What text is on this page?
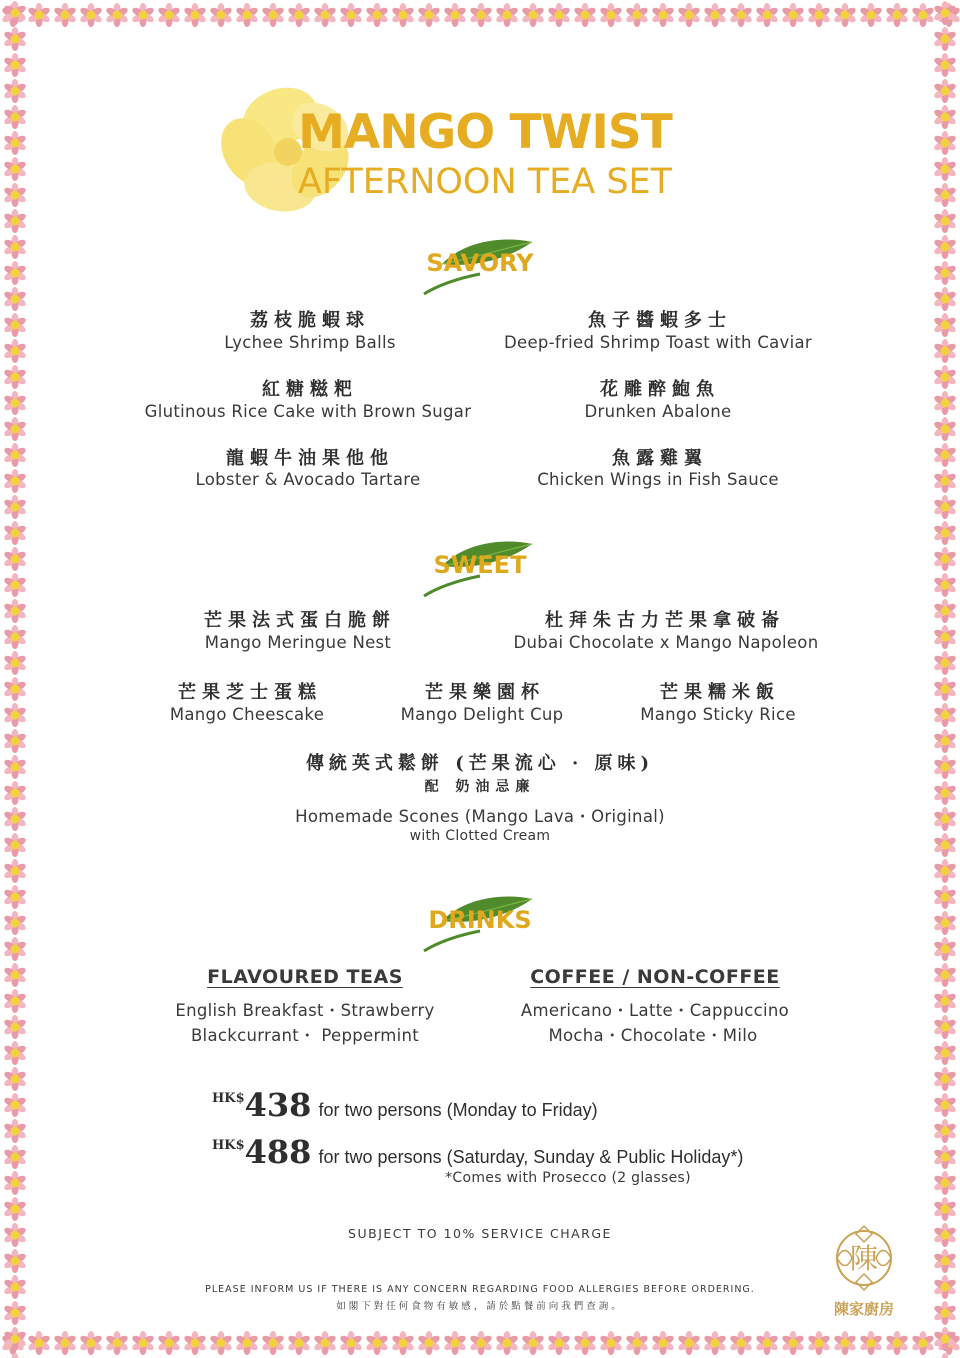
MANGO TWIST
AFTERNOON TEA SET
SAVORY
荔枝脆蝦球
Lychee Shrimp Balls
魚子醬蝦多士
Deep-fried Shrimp Toast with Caviar
紅糖糍粑
Glutinous Rice Cake with Brown Sugar
花雕醉鮑魚
Drunken Abalone
龍蝦牛油果他他
Lobster & Avocado Tartare
魚露雞翼
Chicken Wings in Fish Sauce
SWEET
芒果法式蛋白脆餅
Mango Meringue Nest
杜拜朱古力芒果拿破崙
Dubai Chocolate x Mango Napoleon
芒果芝士蛋糕
Mango Cheescake
芒果樂園杯
Mango Delight Cup
芒果糯米飯
Mango Sticky Rice
傳統英式鬆餅 (芒果流心 · 原味)
配 奶油忌廉
Homemade Scones (Mango Lava・Original)
with Clotted Cream
DRINKS
FLAVOURED TEAS
English Breakfast・Strawberry
Blackcurrant・ Peppermint
COFFEE / NON-COFFEE
Americano・Latte・Cappuccino
Mocha・Chocolate・Milo
$^{HK\$}$438 for two persons (Monday to Friday)
$^{HK\$}$488 for two persons (Saturday, Sunday & Public Holiday*)
*Comes with Prosecco (2 glasses)
SUBJECT TO 10% SERVICE CHARGE
PLEASE INFORM US IF THERE IS ANY CONCERN REGARDING FOOD ALLERGIES BEFORE ORDERING.
如閣下對任何食物有敏感，請於點餐前向我們查詢。
陳
陳家廚房
